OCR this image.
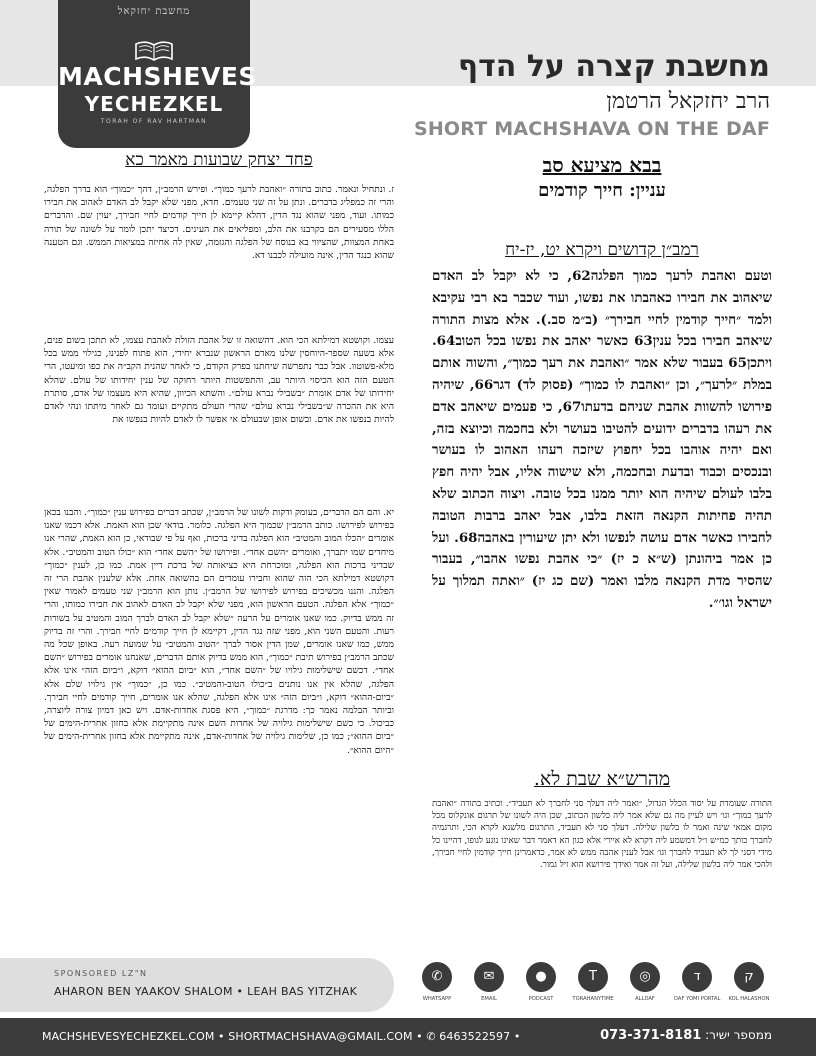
מחשבת יחזקאל
MACHSHEVES
YECHEZKEL
TORAH OF RAV HARTMAN
מחשבת קצרה על הדף
הרב יחזקאל הרטמן
SHORT MACHSHAVA ON THE DAF
בבא מציעא סב
עניין: חייך קודמים
רמב״ן קדושים ויקרא יט, יז-יח
וטעם ואהבת לרעך כמוך הפלגה62, כי לא יקבל לב האדם שיאהוב את חבירו כאהבתו את נפשו, ועוד שכבר בא רבי עקיבא ולמד ״חייך קודמין לחיי חבירך״ (ב״מ סב.). אלא מצות התורה שיאהב חבירו בכל ענין63 כאשר יאהב את נפשו בכל הטוב64. ויתכן65 בעבור שלא אמר ״ואהבת את רעך כמוך״, והשוה אותם במלת ״לרעך״, וכן ״ואהבת לו כמוך״ (פסוק לד) דגר66, שיהיה פירושו להשוות אהבת שניהם בדעתו67, כי פעמים שיאהב אדם את רעהו בדברים ידועים להטיבו בעושר ולא בחכמה וכיוצא בזה, ואם יהיה אוהבו בכל יחפוץ שיזכה רעהו האהוב לו בעושר ובנכסים וכבוד ובדעת ובחכמה, ולא שישוה אליו, אבל יהיה חפץ בלבו לעולם שיהיה הוא יותר ממנו בכל טובה. ויצוה הכתוב שלא תהיה פחיתות הקנאה הזאת בלבו, אבל יאהב ברבות הטובה לחבירו כאשר אדם עושה לנפשו ולא יתן שיעורין באהבה68. ועל כן אמר ביהונתן (ש״א כ יז) ״כי אהבת נפשו אהבו״, בעבור שהסיר מדת הקנאה מלבו ואמר (שם כג יז) ״ואתה תמלוך על ישראל וגו׳״.
מהרש״א שבת לא.
התורה שעומדת על יסוד הכלל הגדול, ״ואמר ליה דעלך סני לחברך לא תעביד״. וכתיב בתורה ״ואהבת לרעך כמוך״ וגו׳ ויש לעיין מה גם שלא אמר ליה כלשון הכתוב, שכן היה לשונו של תרגום אונקלוס מכל מקום אמאי שינה ואמר לו בלשון שלילה. דעלך סני לא תעביד, התרגום מלשנא לקרא הכי, ותרגמיה לחברך כותך כמ״ש ו״ל דמשמע ליה דקרא לא איירי אלא כגון הא דאמר דבר שאינו נוגע לגופו, דהיינו כל מידי דסני לך לא תעביד לחברך וגו׳ אבל לענין אהבה ממש לא אמר, כדאמרינן חייך קודמין לחיי חבירך, ולהכי אמר ליה בלשון שלילה, ועל זה אמר ואידך פירושא הוא זיל גמור.
פחד יצחק שבועות מאמר כא
ז. ונתחיל ונאמר. כתוב בתורה ״ואהבת לרעך כמוך״. ופירש הרמב״ן, דהך ״כמוך״ הוא בדרך הפלגה, והרי זה כמפליג בדברים. ונתן על זה שני טעמים. חדא, מפני שלא יקבל לב האדם לאהוב את חבירו כמותו. ועוד, מפני שהוא נגד הדין, דהלא קיימא לן חייך קודמים לחיי חבירך, יעוין שם. והדברים הללו מסעירים הם בקרבנו את הלב, ומפליאים את העינים. דכיצד יתכן לומר על לשונה של תורה באחת המצוות, שהציווי בא בנוסח של הפלגה והגזמה, שאין לה אחיזה במציאות הממש. וגם הטענה שהוא כנגד הדין, אינה מועילה לכבנו דא.
עצמו. וקושטא דמילתא הכי הוא. דהשואה זו של אהבת הזולת לאהבת עצמו, לא תתכן בשום פנים, אלא בשעה שספר-היוחסין שלנו מאדם הראשון שנברא יחידי, הוא פתוח לפנינו, כגילוי ממש בכל מלא-פשוטוו. אבל כבר נתפרשה שיחתנו בפרק הקודם, כי לאחר שהנית הקב״ה את כפו ומיעטו, הרי הטעם הזה הוא הכיסוי היותר עב, והתפשטות היותר רחוקה של ענין יחידותו של עולם. שהלא יחידותו של אדם אומרת ״בשבילי נברא עולם״. והשתא הכיוון, שהיא היא מעצמו של אדם, סותרת היא את ההכרה ש״בשבילי נברא עולם״ שהרי העולם מתקיים ועומד גם לאחר מיתתו ונהי לאדם להיות בנפשו את אדם. ובשום אופן שבעולם אי אפשר לו לאדם להיות בנפשו את
יא. והם הם הדברים, בעומק ודקות לשונו של הרמב״ן, שכתב דברים בפירוש ענין ״כמוך״. והבנו בכאן בפירוש לפירושו. כותב הרמב״ן שכמוך היא הפלגה. כלומר. בודאי שכן הוא האמת. אלא דכמו שאנו אומרים ״הכלו המוב והמטיב״ הוא הפלגה בדיני ברכות, ואף על פי שבודאי, כן הוא האמת, שהרי אנו מיחדים שמו יתברך, ואומרים ״השם אחד״. ופירושו של ״השם אחד״ הוא ״כולו הטוב והמטיב״. אלא שבדיני ברכות הוא הפלגה, ומוכרחת היא כציאותה של ברכת דיין אמת. כמו כן, לענין ״כמוך״ דקושטא דמילתא הכי הוה שהוא וחבירו עומדים הם בהשואה אחת. אלא שלענין אהבת הרי זה הפלגה. והננו מכשיכים בפירוש לפירושו של הרמב״ן. נותן הוא הרמב״ן שני טעמים לאמור שאין ״כמוך״ אלא הפלגה. הטעם הראשון הוא, מפני שלא יקבל לב האדם לאהוב את חבירו כמותו, והרי זה ממש בדיוק. כמו שאנו אומרים על הרעה ״שלא יקבל לב האדם לברך המוב והמטיב על בשורות רעות. והטעם השני הוא, מפני שזה נגד הדין, דקיימא לן חייך קודמים לחיי חבירך. והרי זה בדיוק ממש, כמו שאנו אומרים, שמן הדין אסור לברך ״הטוב והמטיב״ על שמועה רעה. באופן שכל מה שכתב הרמב״ן בפירוש תיבת ״כמוך״, הוא ממש בדיוק אותם הדברים, שאנחנו אומרים בפירוש ״השם אחד״. דכשם שישלימות גילויו של ״השם אחד״, הוא ״ביום ההוא״ דוקא, ו״ביום הזה״ אינו אלא הפלגה, שהלא אין אנו נותנים ב״כולו הטוב-והמטיב״. כמו כן, ״כמוך״ אין גילויו שלם אלא ״ביום-ההוא״ דוקא, ו״ביום הזה״ אינו אלא הפלגה, שהלא אנו אומרים, חייך קודמים לחיי חבירך. וביותר הבלמה נאמר כך: מדרגת ״כמוך״, היא פסגת אחדות-אדם. ויש כאן דמיון צורה ליוצרה, כביכול. כי כשם שישלימות גילויה של אחדות השם אינה מתקיימת אלא בחזון אחרית-הימים של ״ביום ההוא״; כמו כן, שלימות גילויה של אחדות-אדם, אינה מתקיימת אלא בחזון אחרית-הימים של ״היום ההוא״.
SPONSORED LZ"N
AHARON BEN YAAKOV SHALOM • LEAH BAS YITZHAK
✆
WHATSAPP
✉
EMAIL
●
PODCAST
T
TORAHANYTIME
◎
ALLDAF
ד
DAF YOMI PORTAL
ק
KOL HALASHON
MACHSHEVESYECHEZKEL.COM • SHORTMACHSHAVA@GMAIL.COM • ✆ 6463522597 •	ממספר ישיר: 073-371-8181
